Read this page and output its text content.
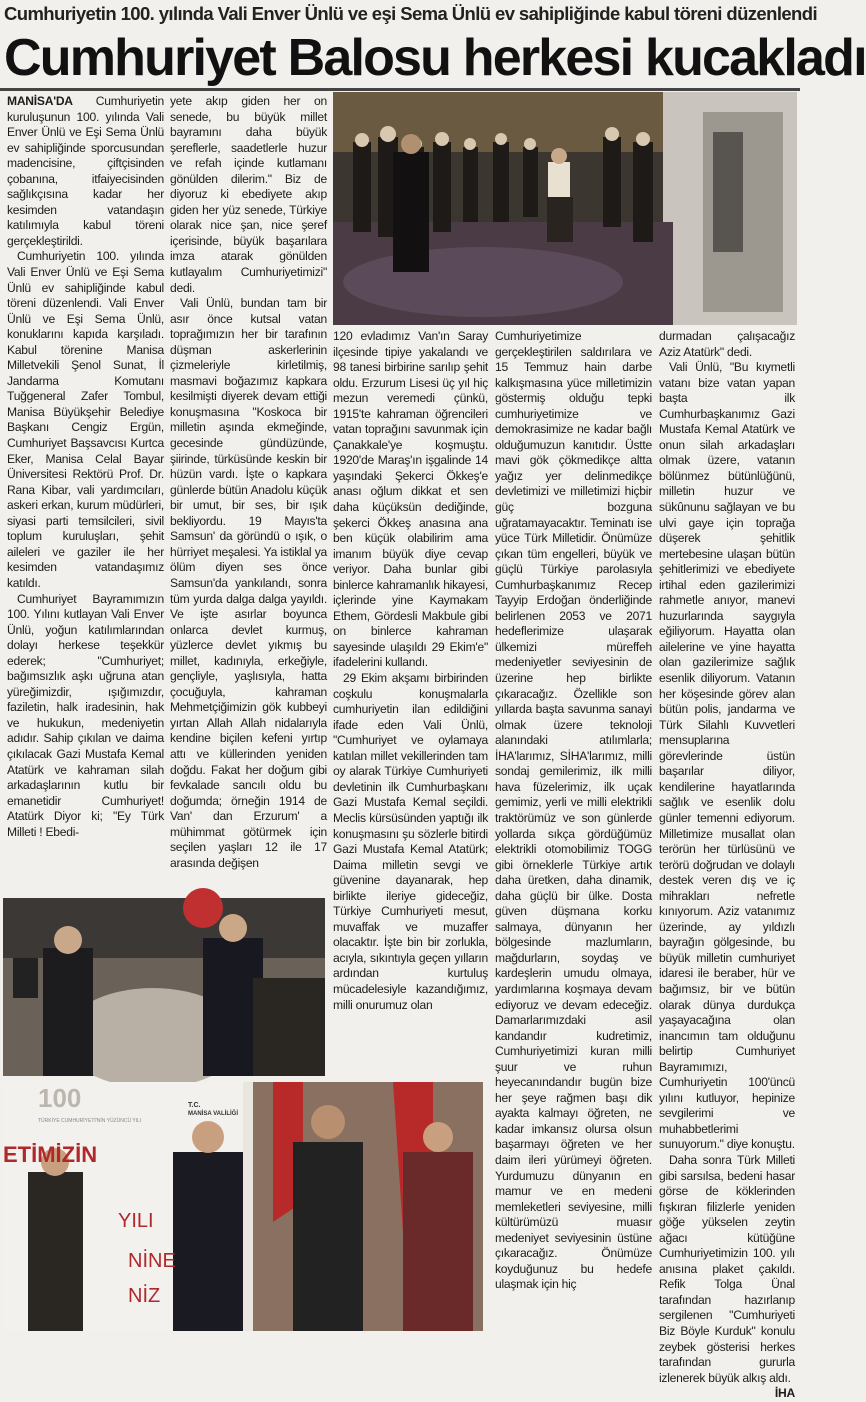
Cumhuriyetin 100. yılında Vali Enver Ünlü ve eşi Sema Ünlü ev sahipliğinde kabul töreni düzenlendi
Cumhuriyet Balosu herkesi kucakladı

MANİSA'DA Cumhuriyetin kuruluşunun 100. yılında Vali Enver Ünlü ve Eşi Sema Ünlü ev sahipliğinde sporcusundan madencisine, çiftçisinden çobanına, itfaiyecisinden sağlıkçısına kadar her kesimden vatandaşın katılımıyla kabul töreni gerçekleştirildi.

Cumhuriyetin 100. yılında Vali Enver Ünlü ve Eşi Sema Ünlü ev sahipliğinde kabul töreni düzenlendi. Vali Enver Ünlü ve Eşi Sema Ünlü, konuklarını kapıda karşıladı. Kabul törenine Manisa Milletvekili Şenol Sunat, İl Jandarma Komutanı Tuğgeneral Zafer Tombul, Manisa Büyükşehir Belediye Başkanı Cengiz Ergün, Cumhuriyet Başsavcısı Kurtca Eker, Manisa Celal Bayar Üniversitesi Rektörü Prof. Dr. Rana Kibar, vali yardımcıları, askeri erkan, kurum müdürleri, siyasi parti temsilcileri, sivil toplum kuruluşları, şehit aileleri ve gaziler ile her kesimden vatandaşımız katıldı.

Cumhuriyet Bayramımızın 100. Yılını kutlayan Vali Enver Ünlü, yoğun katılımlarından dolayı herkese teşekkür ederek; "Cumhuriyet; bağımsızlık aşkı uğruna atan yüreğimizdir, ışığımızdır, faziletin, halk iradesinin, hak ve hukukun, medeniyetin adıdır. Sahip çıkılan ve daima çıkılacak Gazi Mustafa Kemal Atatürk ve kahraman silah arkadaşlarının kutlu bir emanetidir Cumhuriyet! Atatürk Diyor ki; "Ey Türk Milleti ! Ebedi-

yete akıp giden her on senede, bu büyük millet bayramını daha büyük şereflerle, saadetlerle huzur ve refah içinde kutlamanı gönülden dilerim." Biz de diyoruz ki ebediyete akıp giden her yüz senede, Türkiye olarak nice şan, nice şeref içerisinde, büyük başarılara imza atarak gönülden kutlayalım Cumhuriyetimizi" dedi.

Vali Ünlü, bundan tam bir asır önce kutsal vatan toprağımızın her bir tarafının düşman askerlerinin çizmeleriyle kirletilmiş, masmavi boğazımız kapkara kesilmişti diyerek devam ettiği konuşmasına "Koskoca bir milletin aşında ekmeğinde, gecesinde gündüzünde, şiirinde, türküsünde keskin bir hüzün vardı. İşte o kapkara günlerde bütün Anadolu küçük bir umut, bir ses, bir ışık bekliyordu. 19 Mayıs'ta Samsun' da göründü o ışık, o hürriyet meşalesi. Ya istiklal ya ölüm diyen ses önce Samsun'da yankılandı, sonra tüm yurda dalga dalga yayıldı. Ve işte asırlar boyunca onlarca devlet kurmuş, yüzlerce devlet yıkmış bu millet, kadınıyla, erkeğiyle, gençliyle, yaşlısıyla, hatta çocuğuyla, kahraman Mehmetçiğimizin gök kubbeyi yırtan Allah Allah nidalarıyla kendine biçilen kefeni yırtıp attı ve küllerinden yeniden doğdu. Fakat her doğum gibi fevkalade sancılı oldu bu doğumda; örneğin 1914 de Van' dan Erzurum' a mühimmat götürmek için seçilen yaşları 12 ile 17 arasında değişen

120 evladımız Van'ın Saray ilçesinde tipiye yakalandı ve 98 tanesi birbirine sarılıp şehit oldu. Erzurum Lisesi üç yıl hiç mezun veremedi çünkü, 1915'te kahraman öğrencileri vatan toprağını savunmak için Çanakkale'ye koşmuştu. 1920'de Maraş'ın işgalinde 14 yaşındaki Şekerci Ökkeş'e anası oğlum dikkat et sen daha küçüksün dediğinde, şekerci Ökkeş anasına ana ben küçük olabilirim ama imanım büyük diye cevap veriyor. Daha bunlar gibi binlerce kahramanlık hikayesi, içlerinde yine Kaymakam Ethem, Gördesli Makbule gibi on binlerce kahraman sayesinde ulaşıldı 29 Ekim'e" ifadelerini kullandı.

29 Ekim akşamı birbirinden coşkulu konuşmalarla cumhuriyetin ilan edildiğini ifade eden Vali Ünlü, "Cumhuriyet ve oylamaya katılan millet vekillerinden tam oy alarak Türkiye Cumhuriyeti devletinin ilk Cumhurbaşkanı Gazi Mustafa Kemal seçildi. Meclis kürsüsünden yaptığı ilk konuşmasını şu sözlerle bitirdi Gazi Mustafa Kemal Atatürk; Daima milletin sevgi ve güvenine dayanarak, hep birlikte ileriye gideceğiz, Türkiye Cumhuriyeti mesut, muvaffak ve muzaffer olacaktır. İşte bin bir zorlukla, acıyla, sıkıntıyla geçen yılların ardından kurtuluş mücadelesiyle kazandığımız, milli onurumuz olan

Cumhuriyetimize gerçekleştirilen saldırılara ve 15 Temmuz hain darbe kalkışmasına yüce milletimizin göstermiş olduğu tepki cumhuriyetimize ve demokrasimize ne kadar bağlı olduğumuzun kanıtıdır. Üstte mavi gök çökmedikçe altta yağız yer delinmedikçe devletimizi ve milletimizi hiçbir güç bozguna uğratamayacaktır. Teminatı ise yüce Türk Milletidir. Önümüze çıkan tüm engelleri, büyük ve güçlü Türkiye parolasıyla Cumhurbaşkanımız Recep Tayyip Erdoğan önderliğinde belirlenen 2053 ve 2071 hedeflerimize ulaşarak ülkemizi müreffeh medeniyetler seviyesinin de üzerine hep birlikte çıkaracağız. Özellikle son yıllarda başta savunma sanayi olmak üzere teknoloji alanındaki atılımlarla; İHA'larımız, SİHA'larımız, milli sondaj gemilerimiz, ilk milli hava füzelerimiz, ilk uçak gemimiz, yerli ve milli elektrikli traktörümüz ve son günlerde yollarda sıkça gördüğümüz elektrikli otomobilimiz TOGG gibi örneklerle Türkiye artık daha üretken, daha dinamik, daha güçlü bir ülke. Dosta güven düşmana korku salmaya, dünyanın her bölgesinde mazlumların, mağdurların, soydaş ve kardeşlerin umudu olmaya, yardımlarına koşmaya devam ediyoruz ve devam edeceğiz. Damarlarımızdaki asil kandandır kudretimiz, Cumhuriyetimizi kuran milli şuur ve ruhun heyecanındandır bugün bize her şeye rağmen başı dik ayakta kalmayı öğreten, ne kadar imkansız olursa olsun başarmayı öğreten ve her daim ileri yürümeyi öğreten. Yurdumuzu dünyanın en mamur ve en medeni memleketleri seviyesine, milli kültürümüzü muasır medeniyet seviyesinin üstüne çıkaracağız. Önümüze koyduğunuz bu hedefe ulaşmak için hiç

durmadan çalışacağız Aziz Atatürk" dedi.

Vali Ünlü, "Bu kıymetli vatanı bize vatan yapan başta ilk Cumhurbaşkanımız Gazi Mustafa Kemal Atatürk ve onun silah arkadaşları olmak üzere, vatanın bölünmez bütünlüğünü, milletin huzur ve sükûnunu sağlayan ve bu ulvi gaye için toprağa düşerek şehitlik mertebesine ulaşan bütün şehitlerimizi ve ebediyete irtihal eden gazilerimizi rahmetle anıyor, manevi huzurlarında saygıyla eğiliyorum. Hayatta olan ailelerine ve yine hayatta olan gazilerimize sağlık esenlik diliyorum. Vatanın her köşesinde görev alan bütün polis, jandarma ve Türk Silahlı Kuvvetleri mensuplarına görevlerinde üstün başarılar diliyor, kendilerine hayatlarında sağlık ve esenlik dolu günler temenni ediyorum. Milletimize musallat olan terörün her türlüsünü ve terörü doğrudan ve dolaylı destek veren dış ve iç mihrakları nefretle kınıyorum. Aziz vatanımız üzerinde, ay yıldızlı bayrağın gölgesinde, bu büyük milletin cumhuriyet idaresi ile beraber, hür ve bağımsız, bir ve bütün olarak dünya durdukça yaşayacağına olan inancımın tam olduğunu belirtip Cumhuriyet Bayramımızı, Cumhuriyetin 100'üncü yılını kutluyor, hepinize sevgilerimi ve muhabbetlerimi sunuyorum." diye konuştu.

Daha sonra Türk Milleti gibi sarsılsa, bedeni hasar görse de köklerinden fışkıran filizlerle yeniden göğe yükselen zeytin ağacı kütüğüne Cumhuriyetimizin 100. yılı anısına plaket çakıldı. Refik Tolga Ünal tarafından hazırlanıp sergilenen "Cumhuriyeti Biz Böyle Kurduk" konulu zeybek gösterisi herkes tarafından gururla izlenerek büyük alkış aldı.

İHA

100
TÜRKİYE CUMHURİYETİ'NİN YÜZÜNCÜ YILI
T.C.
MANİSA VALİLİĞİ
ETİMİZİN
YILI
NİNE
NİZ
